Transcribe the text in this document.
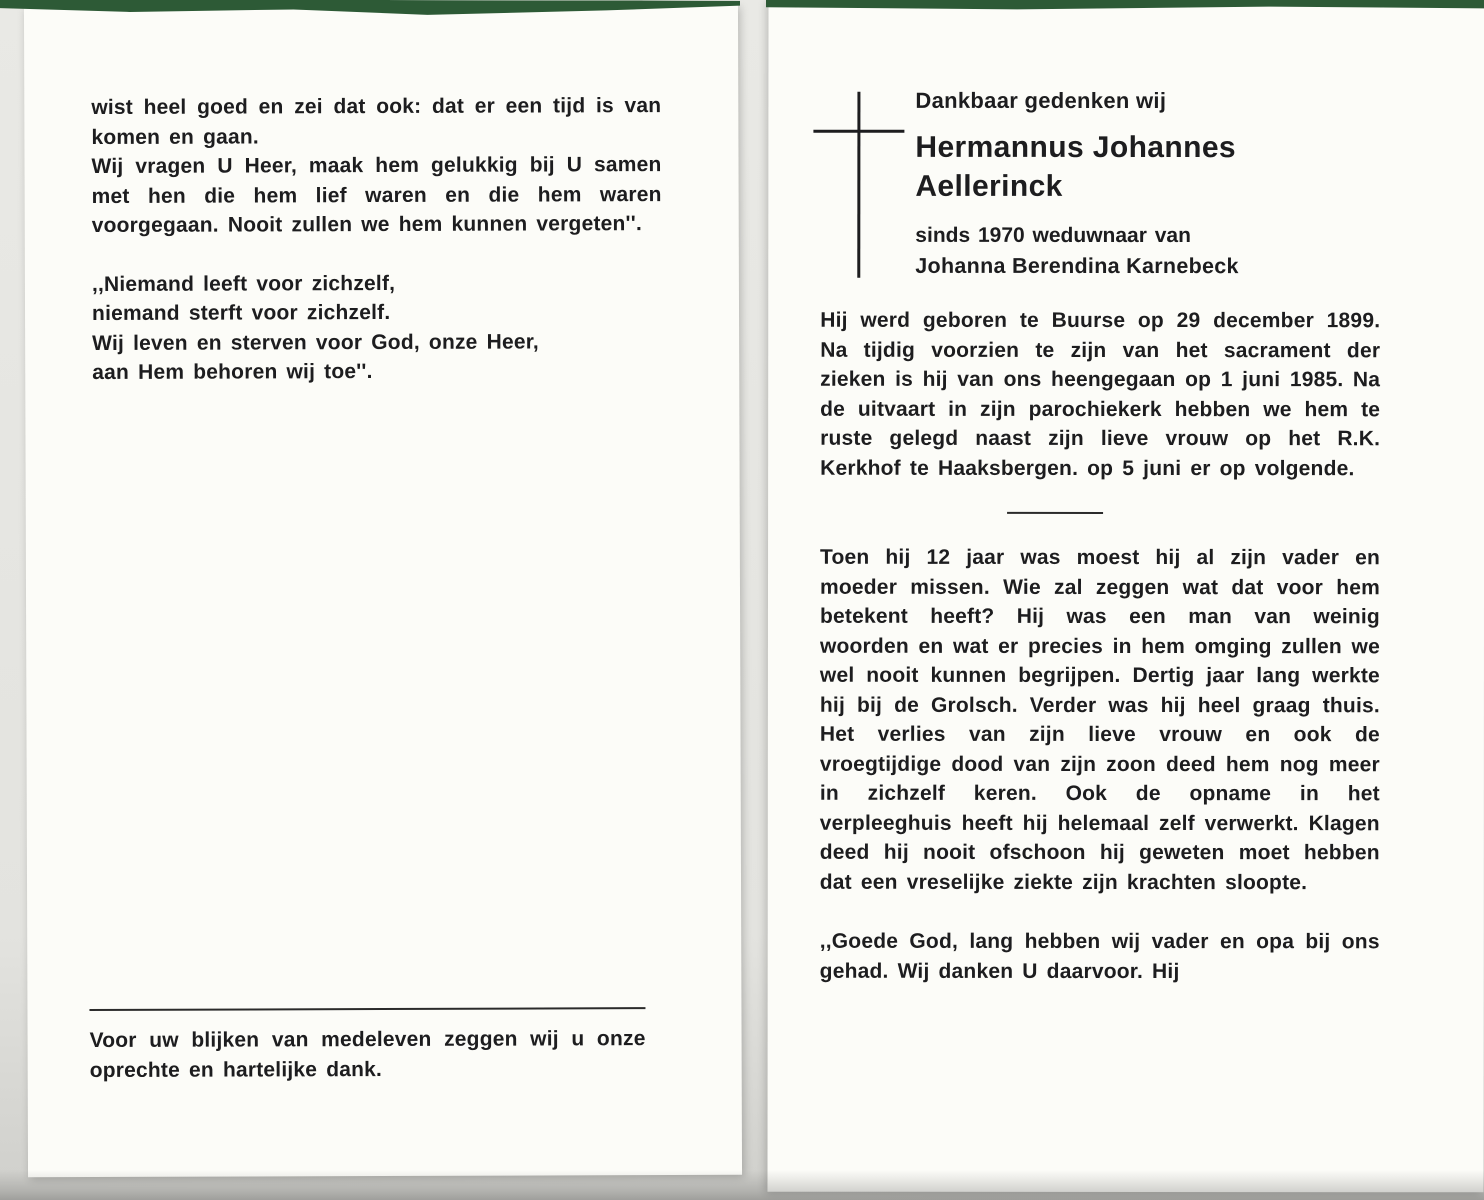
wist heel goed en zei dat ook: dat er een tijd is van komen en gaan.

Wij vragen U Heer, maak hem gelukkig bij U samen met hen die hem lief waren en die hem waren voorgegaan. Nooit zullen we hem kunnen vergeten''.

,,Niemand leeft voor zichzelf,

niemand sterft voor zichzelf.

Wij leven en sterven voor God, onze Heer,

aan Hem behoren wij toe''.

Voor uw blijken van medeleven zeggen wij u onze oprechte en hartelijke dank.

Dankbaar gedenken wij

Hermannus Johannes Aellerinck

sinds 1970 weduwnaar van

Johanna Berendina Karnebeck

Hij werd geboren te Buurse op 29 december 1899. Na tijdig voorzien te zijn van het sacrament der zieken is hij van ons heengegaan op 1 juni 1985. Na de uitvaart in zijn parochiekerk hebben we hem te ruste gelegd naast zijn lieve vrouw op het R.K. Kerkhof te Haaksbergen. op 5 juni er op volgende.

Toen hij 12 jaar was moest hij al zijn vader en moeder missen. Wie zal zeggen wat dat voor hem betekent heeft? Hij was een man van weinig woorden en wat er precies in hem omging zullen we wel nooit kunnen begrijpen. Dertig jaar lang werkte hij bij de Grolsch. Verder was hij heel graag thuis. Het verlies van zijn lieve vrouw en ook de vroegtijdige dood van zijn zoon deed hem nog meer in zichzelf keren. Ook de opname in het verpleeghuis heeft hij helemaal zelf verwerkt. Klagen deed hij nooit ofschoon hij geweten moet hebben dat een vreselijke ziekte zijn krachten sloopte.

,,Goede God, lang hebben wij vader en opa bij ons gehad. Wij danken U daarvoor. Hij
